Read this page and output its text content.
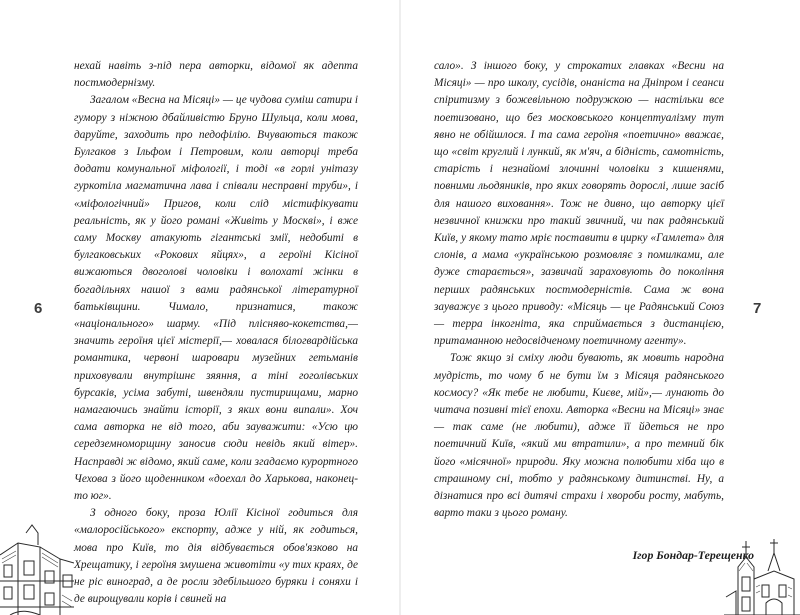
нехай навіть з-під пера авторки, відомої як адепта постмодернізму.

Загалом «Весна на Місяці» — це чудова суміш сатири і гумору з ніжною дбайливістю Бруно Шульца, коли мова, даруйте, заходить про педофілію. Вчуваються також Булгаков з Ільфом і Петровим, коли авторці треба додати комунальної міфології, і тоді «в горлі унітазу гуркотіла магматична лава і співали несправні труби», і «міфологічний» Пригов, коли слід містифікувати реальність, як у його романі «Живіть у Москві», і вже саму Москву атакують гігантські змії, недобиті в булгаковських «Рокових яйцях», а героїні Кісіної вижаються двоголові чоловіки і волохаті жінки в богадільнях нашої з вами радянської літературної батьківщини. Чимало, признатися, також «національного» шарму. «Під плісняво-кокетства,— значить героїня цієї містерії,— ховалася білогвардійська романтика, червоні шаровари музейних гетьманів приховували внутрішнє зяяння, а тіні гоголівських бурсаків, усіма забуті, швендяли пустирищами, марно намагаючись знайти історії, з яких вони випали». Хоч сама авторка не від того, аби зауважити: «Усю цю середземноморщину заносив сюди невідь який вітер». Насправді ж відомо, який саме, коли згадаємо курортного Чехова з його щоденником «доехал до Харькова, наконец-то юг».

З одного боку, проза Юлії Кісіної годиться для «малоросійського» експорту, адже у ній, як годиться, мова про Київ, то дія відбувається обов'язково на Хрещатику, і героїня змушена животіти «у тих краях, де не ріс виноград, а де росли здебільшого буряки і соняхи і де вирощували корів і свиней на

6

сало». З іншого боку, у строкатих главках «Весни на Місяці» — про школу, сусідів, онаніста на Дніпром і сеанси спіритизму з божевільною подружкою — настільки все поетизовано, що без московського концептуалізму тут явно не обійшлося. І та сама героїня «поетично» вважає, що «світ круглий і лункий, як м'яч, а бідність, самотність, старість і незнайомі злочинні чоловіки з кишенями, повними льодяників, про яких говорять дорослі, лише засіб для нашого виховання». Тож не дивно, що авторку цієї незвичної книжки про такий звичний, чи пак радянський Київ, у якому тато мріє поставити в цирку «Гамлета» для слонів, а мама «українською розмовляє з помилками, але дуже старається», зазвичай зараховують до покоління перших радянських постмодерністів. Сама ж вона зауважує з цього приводу: «Місяць — це Радянський Союз — терра інкогніта, яка сприймається з дистанцією, притаманною недосвідченому поетичному агенту».

Тож якщо зі сміху люди бувають, як мовить народна мудрість, то чому б не бути їм з Місяця радянського космосу? «Як тебе не любити, Києве, мій»,— лунають до читача позивні тієї епохи. Авторка «Весни на Місяці» знає — так саме (не любити), адже її йдеться не про поетичний Київ, «який ми втратили», а про темний бік його «місячної» природи. Яку можна полюбити хіба що в страшному сні, тобто у радянському дитинстві. Ну, а дізнатися про всі дитячі страхи і хвороби росту, мабуть, варто таки з цього роману.

Ігор Бондар-Терещенко
7
